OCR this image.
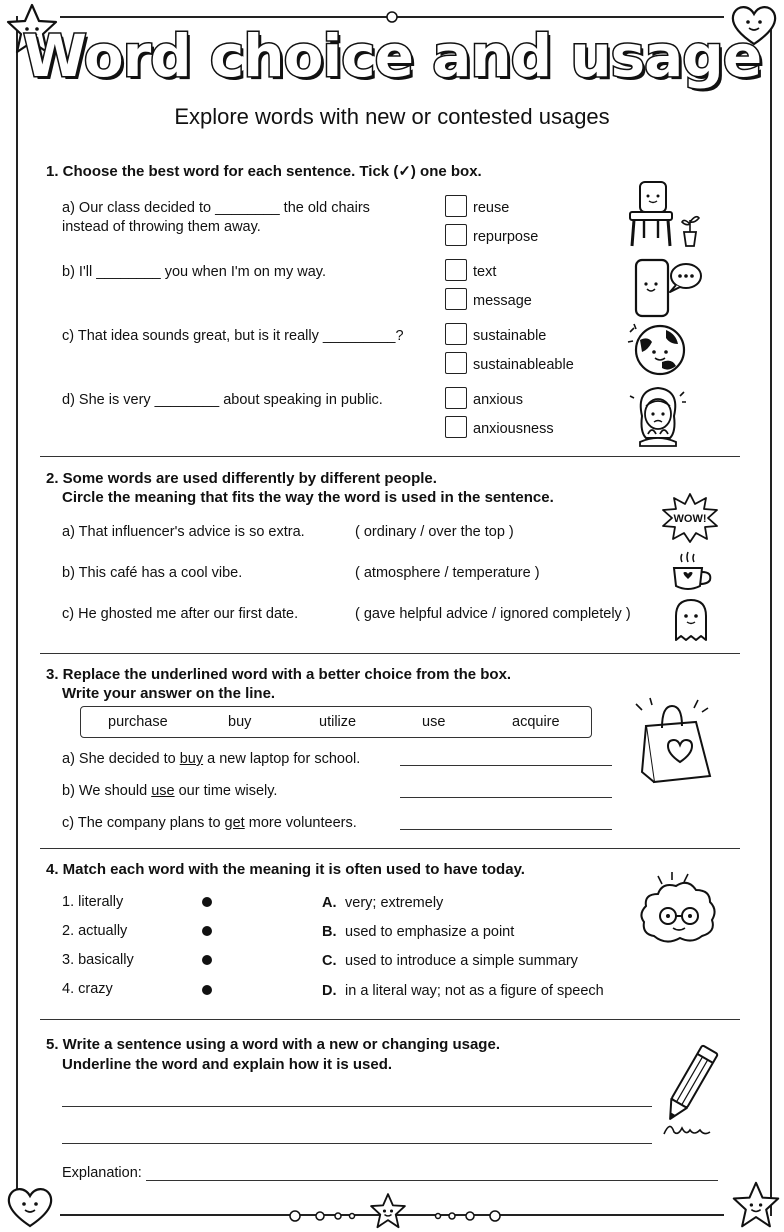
Word choice and usage
Explore words with new or contested usages
1. Choose the best word for each sentence. Tick (✓) one box.
a) Our class decided to ________ the old chairs
instead of throwing them away.
reuse
repurpose
b) I'll ________ you when I'm on my way.	text
message
c) That idea sounds great, but is it really _________?	sustainable
sustainableable
d) She is very ________ about speaking in public.	anxious
anxiousness
2. Some words are used differently by different people.
Circle the meaning that fits the way the word is used in the sentence.
a) That influencer's advice is so extra.	( ordinary / over the top )
b) This café has a cool vibe.	( atmosphere / temperature )
c) He ghosted me after our first date.	( gave helpful advice / ignored completely )
WOW!
3. Replace the underlined word with a better choice from the box.
Write your answer on the line.
purchase	buy	utilize	use	acquire
a) She decided to buy a new laptop for school.
b) We should use our time wisely.
c) The company plans to get more volunteers.
4. Match each word with the meaning it is often used to have today.
1. literally
2. actually
3. basically
4. crazy
A. very; extremely
B. used to emphasize a point
C. used to introduce a simple summary
D. in a literal way; not as a figure of speech
5. Write a sentence using a word with a new or changing usage.
Underline the word and explain how it is used.
Explanation:
